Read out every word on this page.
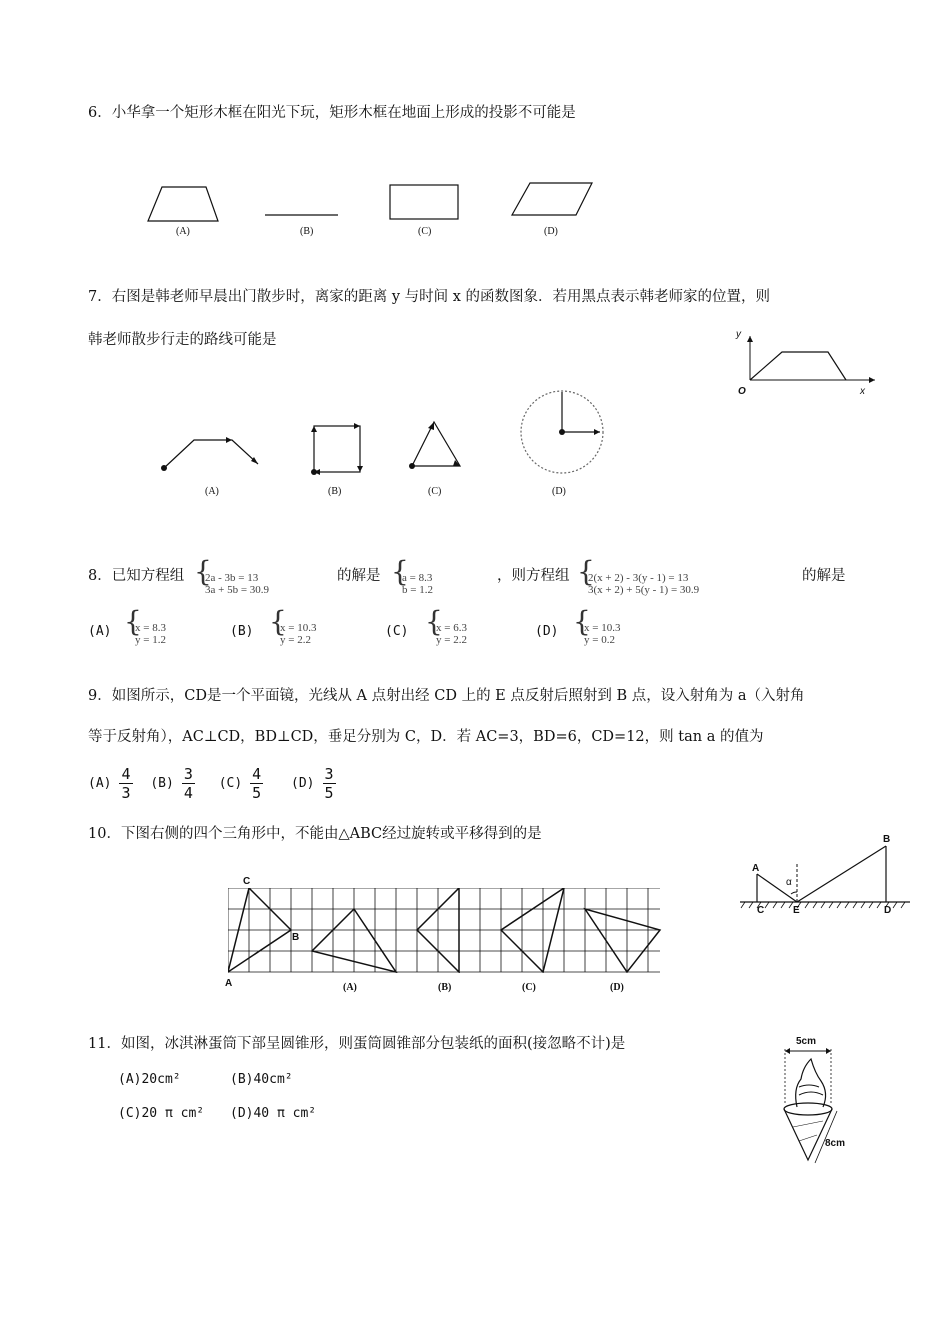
6．小华拿一个矩形木框在阳光下玩，矩形木框在地面上形成的投影不可能是
(A)	(B)	(C)	(D)
7．右图是韩老师早晨出门散步时，离家的距离 y 与时间 x 的函数图象．若用黑点表示韩老师家的位置，则
韩老师散步行走的路线可能是	y
x
O
(A)	(B)	(C)	(D)
8．已知方程组 {
2a - 3b = 13
3a + 5b = 30.9
的解是 {
a = 8.3
b = 1.2
，则方程组 {
2(x + 2) - 3(y - 1) = 13
3(x + 2) + 5(y - 1) = 30.9
的解是
(A) {
x = 8.3
y = 1.2
(B) {
x = 10.3
y = 2.2
(C) {
x = 6.3
y = 2.2
(D) {
x = 10.3
y = 0.2
9．如图所示，CD是一个平面镜，光线从 A 点射出经 CD 上的 E 点反射后照射到 B 点，设入射角为 a（入射角
等于反射角），AC⊥CD，BD⊥CD，垂足分别为 C，D．若 AC=3，BD=6，CD=12，则 tan a 的值为
$(A) \frac{4}{3} (B) \frac{3}{4} (C) \frac{4}{5} (D) \frac{3}{5}$
A
B
C	E	D
α
10．下图右侧的四个三角形中，不能由△ABC经过旋转或平移得到的是
C
B
A	(A)	(B)	(C)	(D)
11．如图，冰淇淋蛋筒下部呈圆锥形，则蛋筒圆锥部分包装纸的面积(接忽略不计)是
(A)20cm²	(B)40cm²
(C)20 π cm² (D)40 π cm²
5cm
8cm
